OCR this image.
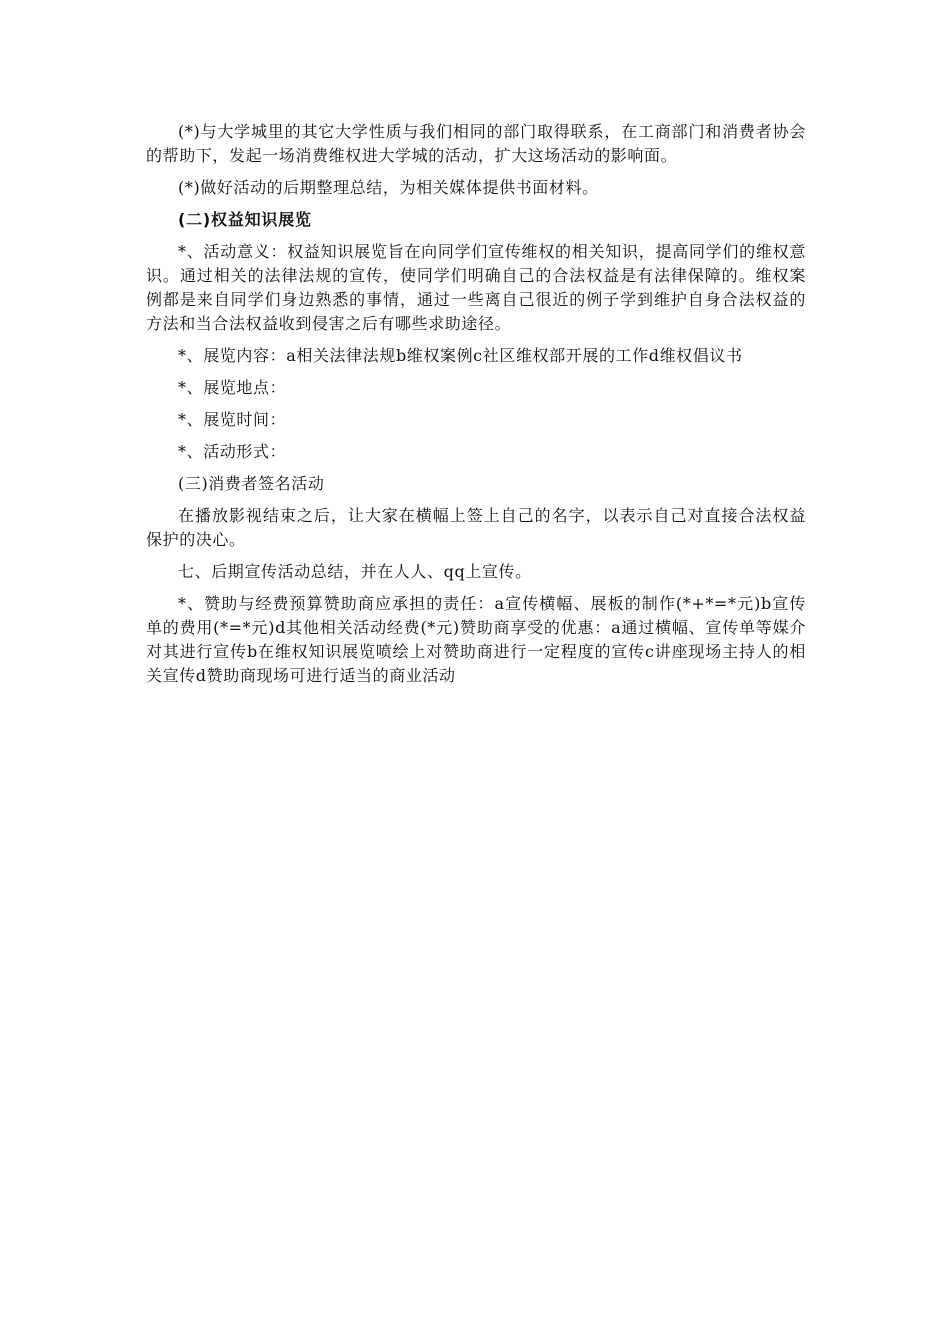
(*)与大学城里的其它大学性质与我们相同的部门取得联系，在工商部门和消费者协会的帮助下，发起一场消费维权进大学城的活动，扩大这场活动的影响面。

(*)做好活动的后期整理总结，为相关媒体提供书面材料。

(二)权益知识展览

*、活动意义：权益知识展览旨在向同学们宣传维权的相关知识，提高同学们的维权意识。通过相关的法律法规的宣传，使同学们明确自己的合法权益是有法律保障的。维权案例都是来自同学们身边熟悉的事情，通过一些离自己很近的例子学到维护自身合法权益的方法和当合法权益收到侵害之后有哪些求助途径。

*、展览内容：a相关法律法规b维权案例c社区维权部开展的工作d维权倡议书

*、展览地点：

*、展览时间：

*、活动形式：

(三)消费者签名活动

在播放影视结束之后，让大家在横幅上签上自己的名字，以表示自己对直接合法权益保护的决心。

七、后期宣传活动总结，并在人人、qq上宣传。

*、赞助与经费预算赞助商应承担的责任：a宣传横幅、展板的制作(*+*=*元)b宣传单的费用(*=*元)d其他相关活动经费(*元)赞助商享受的优惠：a通过横幅、宣传单等媒介对其进行宣传b在维权知识展览喷绘上对赞助商进行一定程度的宣传c讲座现场主持人的相关宣传d赞助商现场可进行适当的商业活动
